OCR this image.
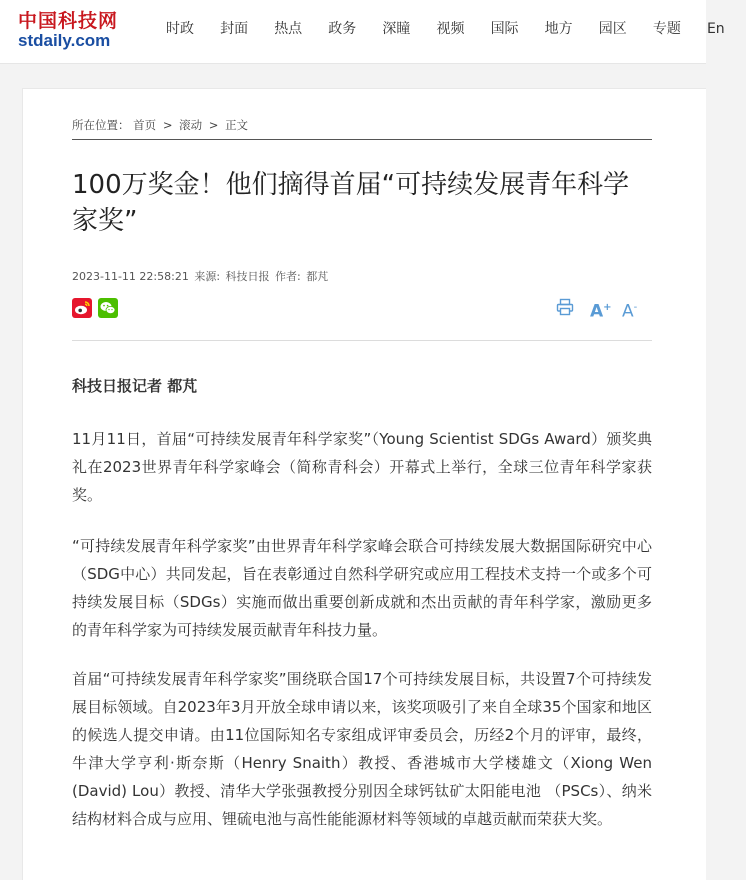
中国科技网
stdaily.com
时政 封面 热点 政务 深瞳 视频 国际 地方 园区 专题 En
所在位置： 首页 > 滚动 > 正文
100万奖金！他们摘得首届“可持续发展青年科学家奖”
2023-11-11 22:58:21 来源: 科技日报 作者: 都芃
A+ A-

科技日报记者 都芃

11月11日，首届“可持续发展青年科学家奖”（Young Scientist SDGs Award）颁奖典礼在2023世界青年科学家峰会（简称青科会）开幕式上举行，全球三位青年科学家获奖。

“可持续发展青年科学家奖”由世界青年科学家峰会联合可持续发展大数据国际研究中心（SDG中心）共同发起，旨在表彰通过自然科学研究或应用工程技术支持一个或多个可持续发展目标（SDGs）实施而做出重要创新成就和杰出贡献的青年科学家，激励更多的青年科学家为可持续发展贡献青年科技力量。

首届“可持续发展青年科学家奖”围绕联合国17个可持续发展目标，共设置7个可持续发展目标领域。自2023年3月开放全球申请以来，该奖项吸引了来自全球35个国家和地区的候选人提交申请。由11位国际知名专家组成评审委员会，历经2个月的评审，最终，牛津大学亨利·斯奈斯（Henry Snaith）教授、香港城市大学楼雄文（Xiong Wen (David) Lou）教授、清华大学张强教授分别因全球钙钛矿太阳能电池 （PSCs）、纳米结构材料合成与应用、锂硫电池与高性能能源材料等领域的卓越贡献而荣获大奖。
